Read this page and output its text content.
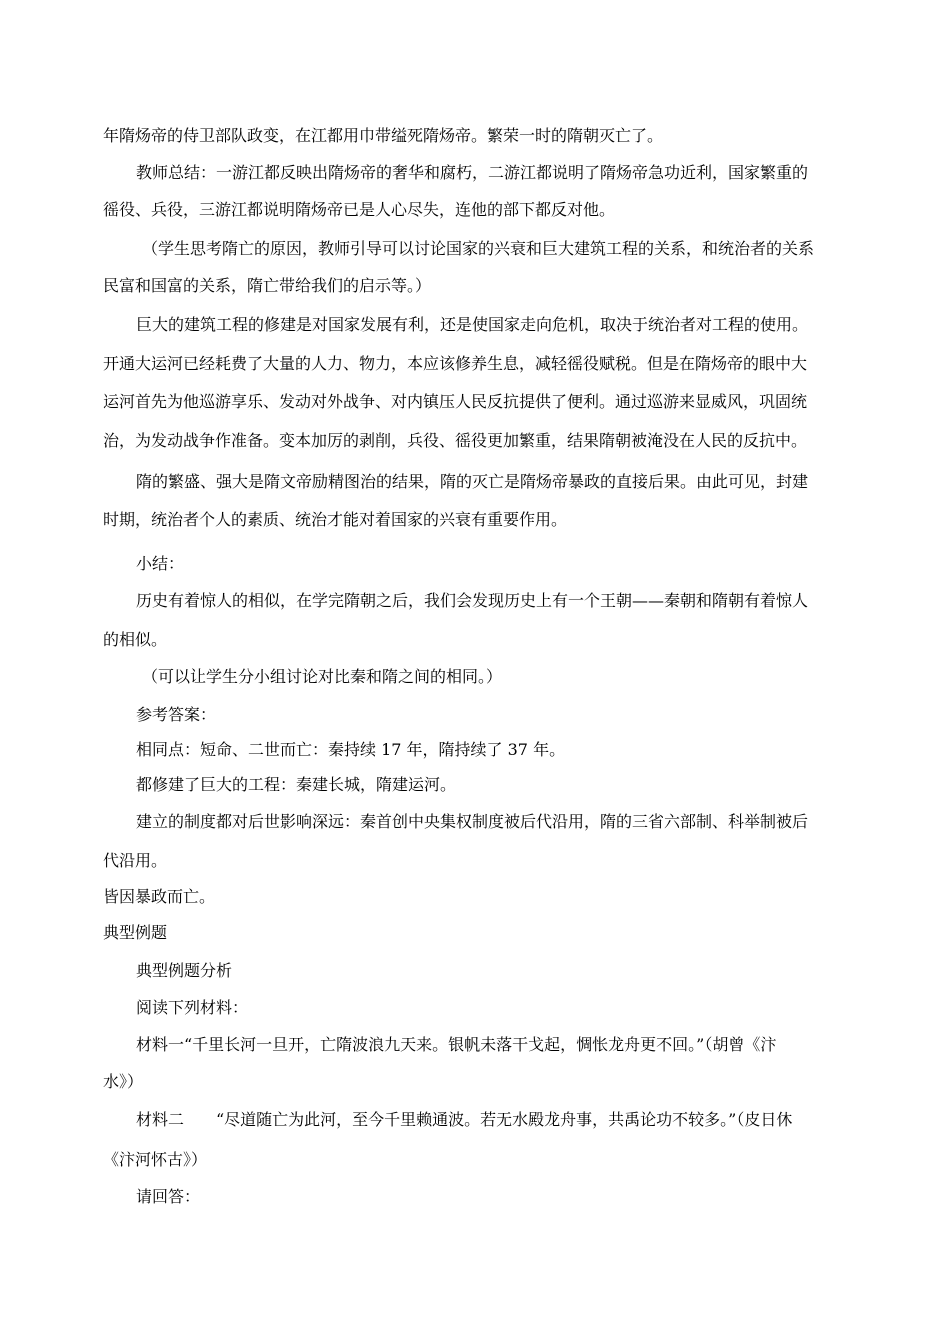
年隋炀帝的侍卫部队政变，在江都用巾带缢死隋炀帝。繁荣一时的隋朝灭亡了。
教师总结：一游江都反映出隋炀帝的奢华和腐朽，二游江都说明了隋炀帝急功近利，国家繁重的
徭役、兵役，三游江都说明隋炀帝已是人心尽失，连他的部下都反对他。
（学生思考隋亡的原因，教师引导可以讨论国家的兴衰和巨大建筑工程的关系，和统治者的关系
民富和国富的关系，隋亡带给我们的启示等。）
巨大的建筑工程的修建是对国家发展有利，还是使国家走向危机，取决于统治者对工程的使用。
开通大运河已经耗费了大量的人力、物力，本应该修养生息，减轻徭役赋税。但是在隋炀帝的眼中大
运河首先为他巡游享乐、发动对外战争、对内镇压人民反抗提供了便利。通过巡游来显威风，巩固统
治，为发动战争作准备。变本加厉的剥削，兵役、徭役更加繁重，结果隋朝被淹没在人民的反抗中。
隋的繁盛、强大是隋文帝励精图治的结果，隋的灭亡是隋炀帝暴政的直接后果。由此可见，封建
时期，统治者个人的素质、统治才能对着国家的兴衰有重要作用。
小结：
历史有着惊人的相似，在学完隋朝之后，我们会发现历史上有一个王朝——秦朝和隋朝有着惊人
的相似。
（可以让学生分小组讨论对比秦和隋之间的相同。）
参考答案：
相同点：短命、二世而亡：秦持续 17 年，隋持续了 37 年。
都修建了巨大的工程：秦建长城，隋建运河。
建立的制度都对后世影响深远：秦首创中央集权制度被后代沿用，隋的三省六部制、科举制被后
代沿用。
皆因暴政而亡。
典型例题
典型例题分析
阅读下列材料：
材料一“千里长河一旦开，亡隋波浪九天来。银帆未落干戈起，惆怅龙舟更不回。”（胡曾《汴
水》）
材料二　　“尽道随亡为此河，至今千里赖通波。若无水殿龙舟事，共禹论功不较多。”（皮日休
《汴河怀古》）
请回答：
